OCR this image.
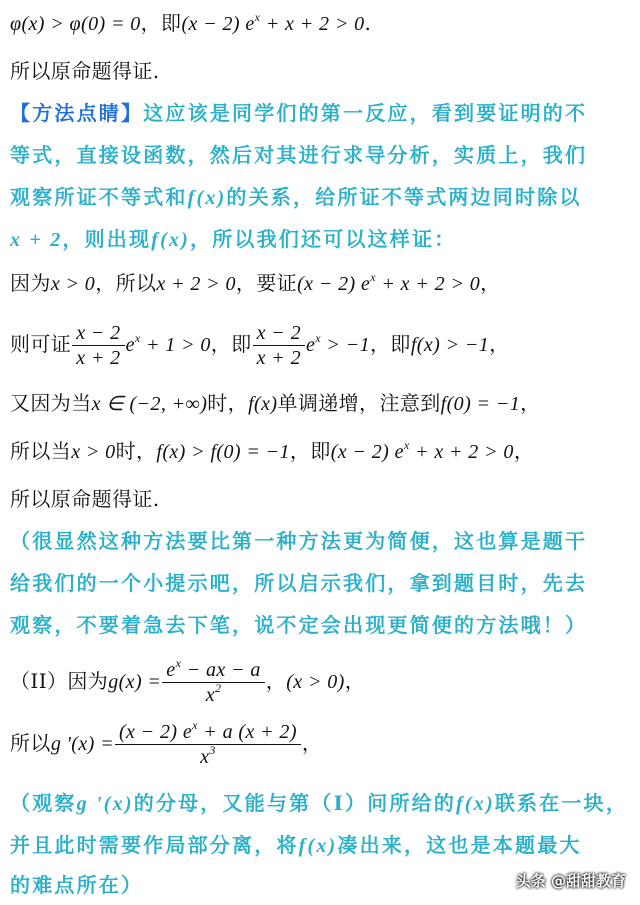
φ(x) > φ(0) = 0，即(x − 2) $e^x + x + 2 > 0$.
所以原命题得证.
【方法点睛】这应该是同学们的第一反应，看到要证明的不
等式，直接设函数，然后对其进行求导分析，实质上，我们
观察所证不等式和f(x)的关系，给所证不等式两边同时除以
x + 2，则出现f(x)，所以我们还可以这样证：
因为x > 0，所以x + 2 > 0，要证(x − 2) $e^x + x + 2 > 0$，
则可证 $\frac{x - 2}{x + 2} e^x + 1 > 0$，即 $\frac{x - 2}{x + 2} e^x > -1$，即f(x) > −1，
又因为当x ∈ (−2, +∞)时，f(x)单调递增，注意到f(0) = −1，
所以当x > 0时，f(x) > f(0) = −1，即(x − 2) $e^x + x + 2 > 0$，
所以原命题得证.
（很显然这种方法要比第一种方法更为简便，这也算是题干
给我们的一个小提示吧，所以启示我们，拿到题目时，先去
观察，不要着急去下笔，说不定会出现更简便的方法哦！）
（II）因为$g(x) = \frac{e^x - ax - a}{x^2}$ ，(x > 0)，
所以g '$(x) = \frac{(x - 2) e^x + a (x + 2)}{x^3}$ ，
（观察g '(x)的分母，又能与第（I）问所给的f(x)联系在一块，
并且此时需要作局部分离，将f(x)凑出来，这也是本题最大
的难点所在）	头条 @甜甜教育
